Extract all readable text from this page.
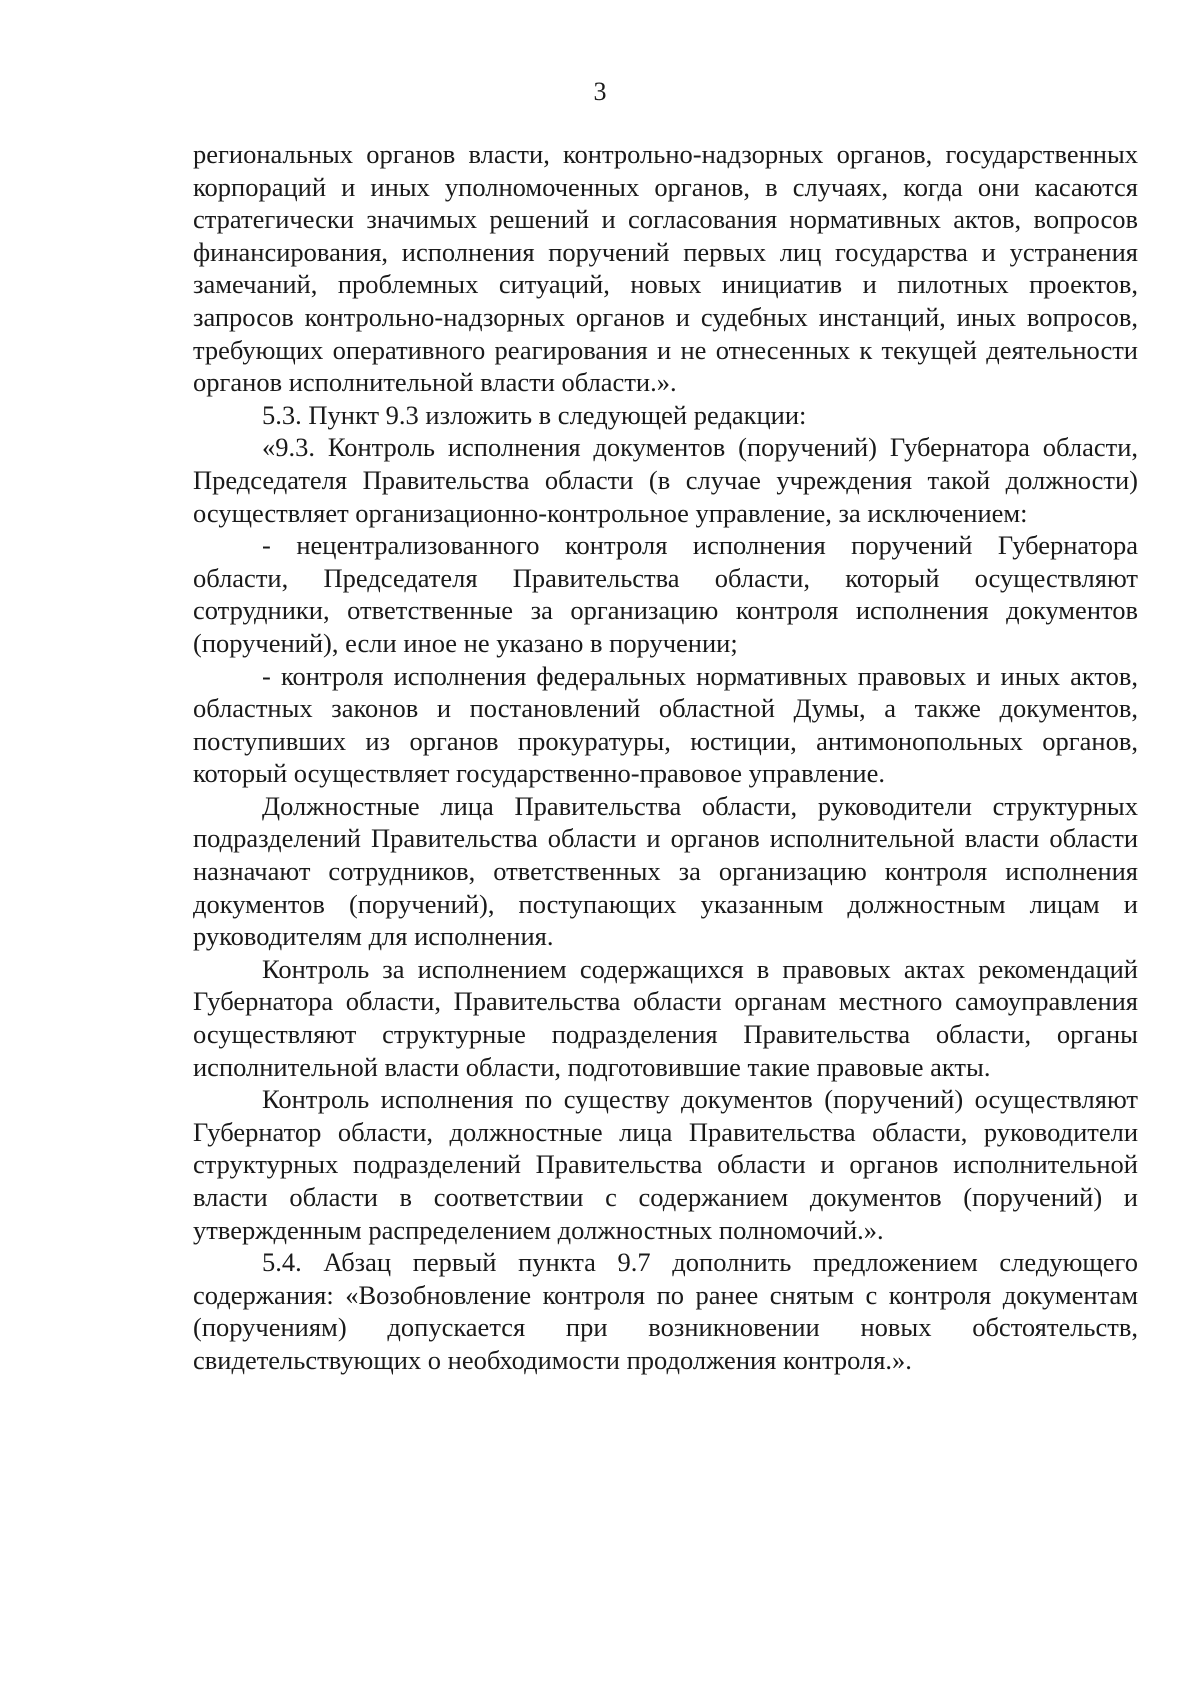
3

региональных органов власти, контрольно-надзорных органов, государственных корпораций и иных уполномоченных органов, в случаях, когда они касаются стратегически значимых решений и согласования нормативных актов, вопросов финансирования, исполнения поручений первых лиц государства и устранения замечаний, проблемных ситуаций, новых инициатив и пилотных проектов, запросов контрольно-надзорных органов и судебных инстанций, иных вопросов, требующих оперативного реагирования и не отнесенных к текущей деятельности органов исполнительной власти области.».

5.3. Пункт 9.3 изложить в следующей редакции:

«9.3. Контроль исполнения документов (поручений) Губернатора области, Председателя Правительства области (в случае учреждения такой должности) осуществляет организационно-контрольное управление, за исключением:

- нецентрализованного контроля исполнения поручений Губернатора области, Председателя Правительства области, который осуществляют сотрудники, ответственные за организацию контроля исполнения документов (поручений), если иное не указано в поручении;

- контроля исполнения федеральных нормативных правовых и иных актов, областных законов и постановлений областной Думы, а также документов, поступивших из органов прокуратуры, юстиции, антимонопольных органов, который осуществляет государственно-правовое управление.

Должностные лица Правительства области, руководители структурных подразделений Правительства области и органов исполнительной власти области назначают сотрудников, ответственных за организацию контроля исполнения документов (поручений), поступающих указанным должностным лицам и руководителям для исполнения.

Контроль за исполнением содержащихся в правовых актах рекомендаций Губернатора области, Правительства области органам местного самоуправления осуществляют структурные подразделения Правительства области, органы исполнительной власти области, подготовившие такие правовые акты.

Контроль исполнения по существу документов (поручений) осуществляют Губернатор области, должностные лица Правительства области, руководители структурных подразделений Правительства области и органов исполнительной власти области в соответствии с содержанием документов (поручений) и утвержденным распределением должностных полномочий.».

5.4. Абзац первый пункта 9.7 дополнить предложением следующего содержания: «Возобновление контроля по ранее снятым с контроля документам (поручениям) допускается при возникновении новых обстоятельств, свидетельствующих о необходимости продолжения контроля.».
